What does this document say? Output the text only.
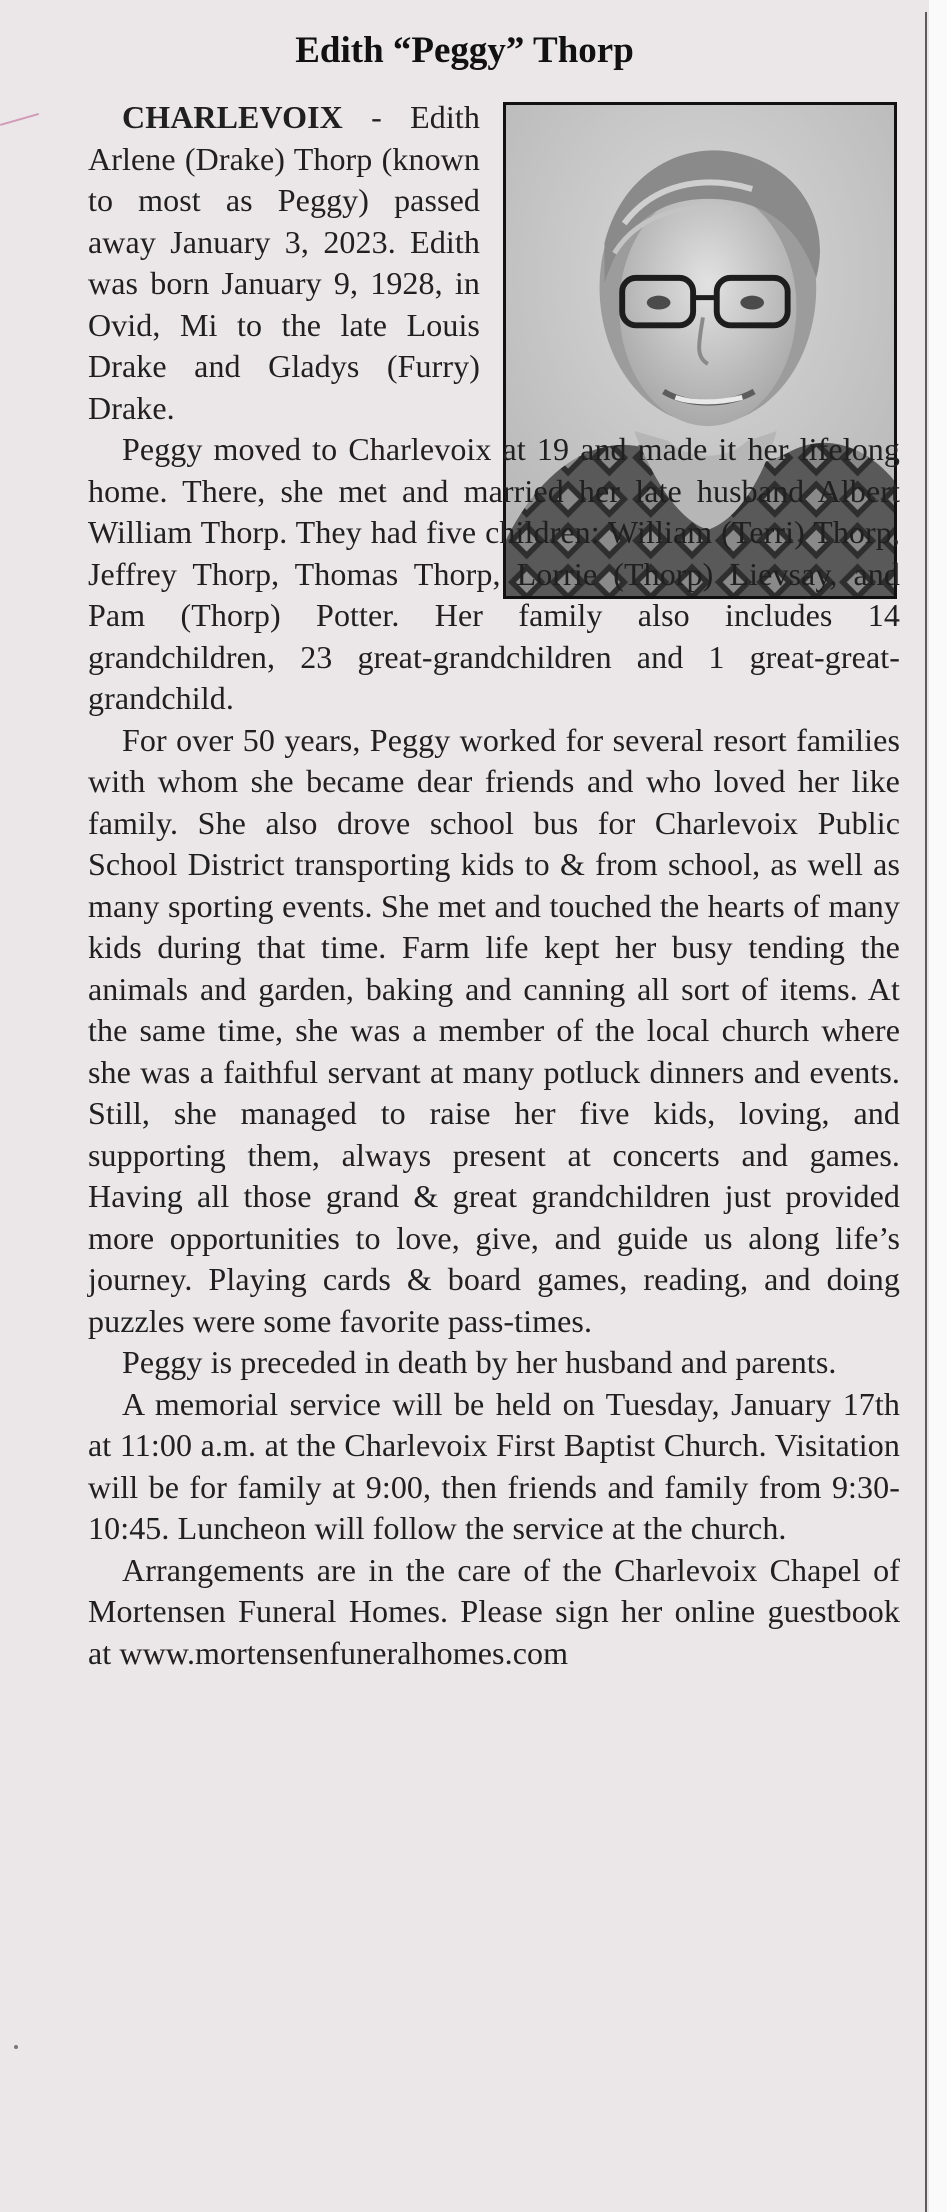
Edith “Peggy” Thorp

CHARLEVOIX - Edith Arlene (Drake) Thorp (known to most as Peggy) passed away January 3, 2023. Edith was born January 9, 1928, in Ovid, Mi to the late Louis Drake and Gladys (Furry) Drake.

Peggy moved to Charlevoix at 19 and made it her lifelong home. There, she met and married her late husband Albert William Thorp. They had five children: William (Terri) Thorp, Jeffrey Thorp, Thomas Thorp, Lorrie (Thorp) Lievsay, and Pam (Thorp) Potter. Her family also includes 14 grandchildren, 23 great-grandchildren and 1 great-great-grandchild.

For over 50 years, Peggy worked for several resort families with whom she became dear friends and who loved her like family. She also drove school bus for Charlevoix Public School District transporting kids to & from school, as well as many sporting events. She met and touched the hearts of many kids during that time. Farm life kept her busy tending the animals and garden, baking and canning all sort of items. At the same time, she was a member of the local church where she was a faithful servant at many potluck dinners and events. Still, she managed to raise her five kids, loving, and supporting them, always present at concerts and games. Having all those grand & great grandchildren just provided more opportunities to love, give, and guide us along life’s journey. Playing cards & board games, reading, and doing puzzles were some favorite pass-times.

Peggy is preceded in death by her husband and parents.

A memorial service will be held on Tuesday, January 17th at 11:00 a.m. at the Charlevoix First Baptist Church. Visitation will be for family at 9:00, then friends and family from 9:30-10:45. Luncheon will follow the service at the church.

Arrangements are in the care of the Charlevoix Chapel of Mortensen Funeral Homes. Please sign her online guestbook at www.mortensenfuneralhomes.com
